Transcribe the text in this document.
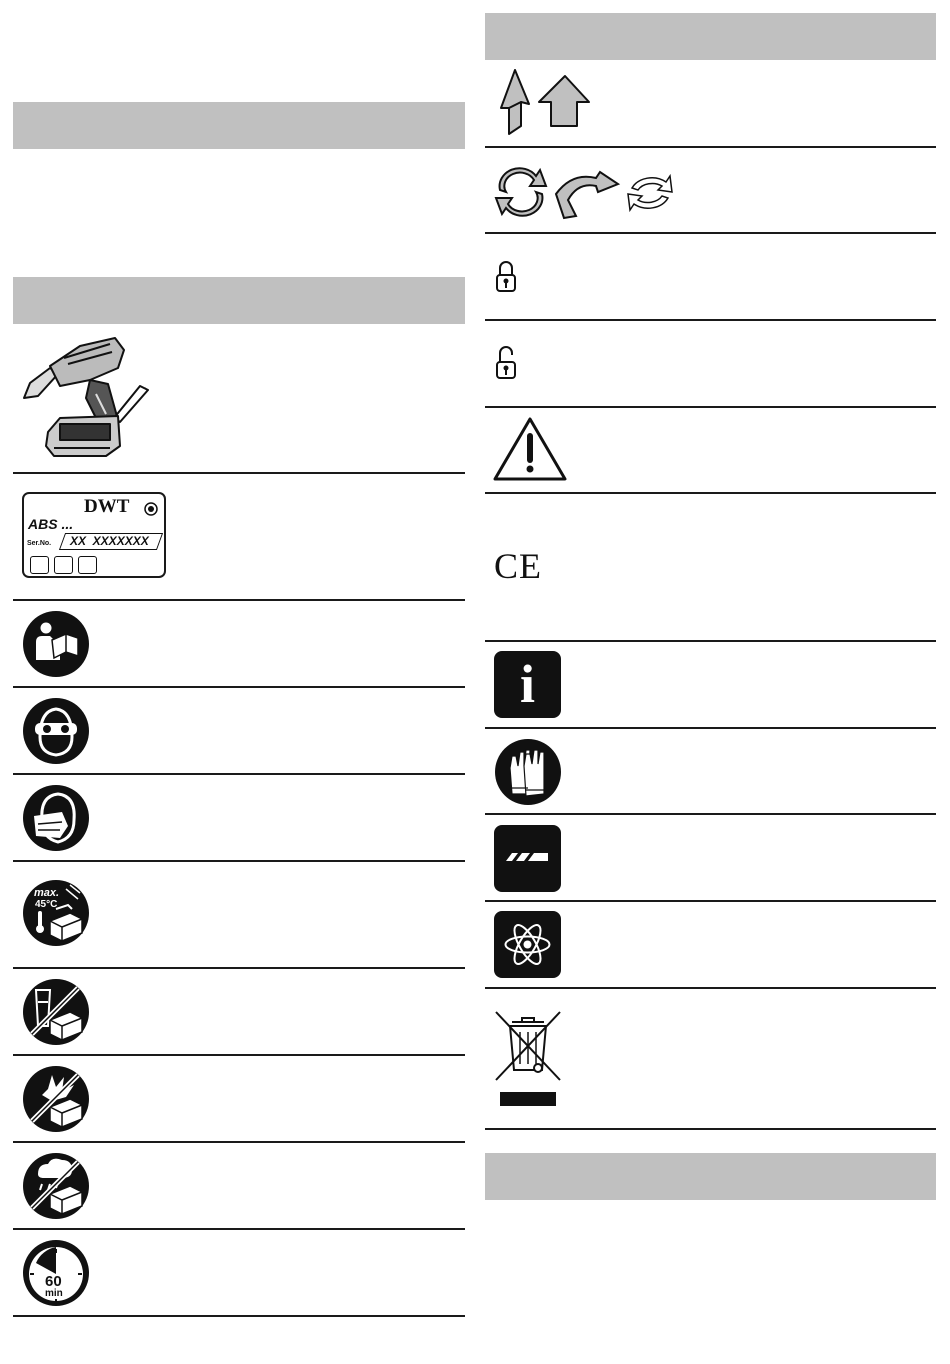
DWT
ABS ...
Ser.No. XX  XXXXXXX
max.
45°C
60
min
CE
i
